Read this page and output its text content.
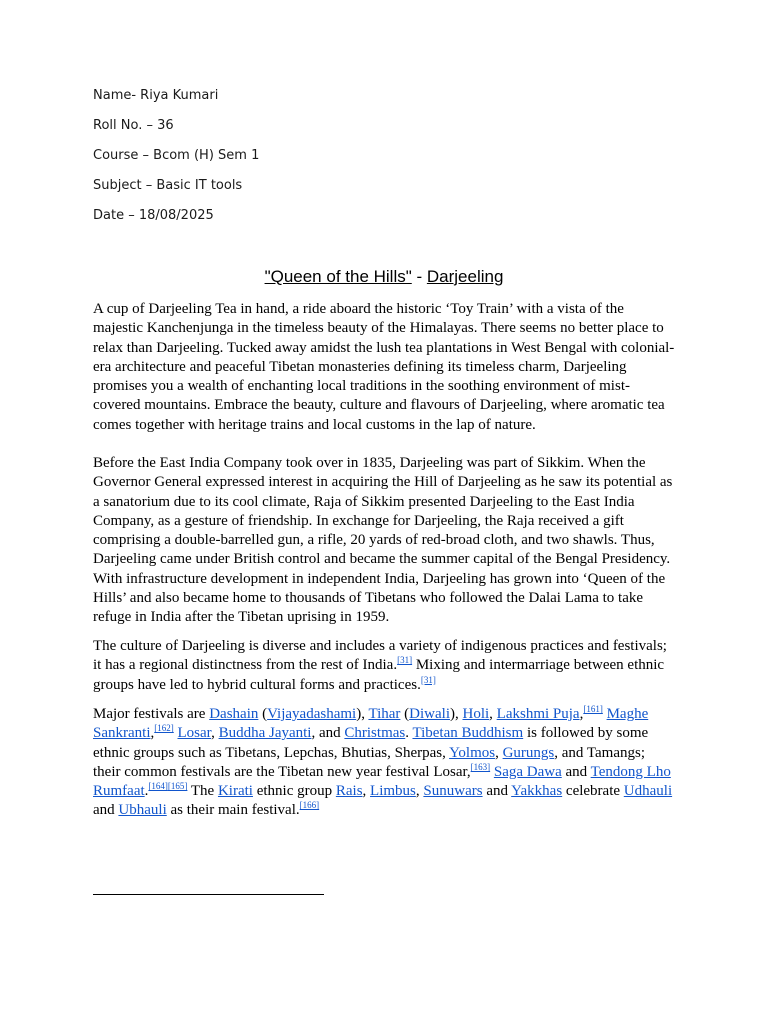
Name- Riya Kumari
Roll No. – 36
Course – Bcom (H) Sem 1
Subject – Basic IT tools
Date – 18/08/2025
"Queen of the Hills" - Darjeeling

A cup of Darjeeling Tea in hand, a ride aboard the historic ‘Toy Train’ with a vista of the majestic Kanchenjunga in the timeless beauty of the Himalayas. There seems no better place to relax than Darjeeling. Tucked away amidst the lush tea plantations in West Bengal with colonial-era architecture and peaceful Tibetan monasteries defining its timeless charm, Darjeeling promises you a wealth of enchanting local traditions in the soothing environment of mist-covered mountains. Embrace the beauty, culture and flavours of Darjeeling, where aromatic tea comes together with heritage trains and local customs in the lap of nature.

Before the East India Company took over in 1835, Darjeeling was part of Sikkim. When the Governor General expressed interest in acquiring the Hill of Darjeeling as he saw its potential as a sanatorium due to its cool climate, Raja of Sikkim presented Darjeeling to the East India Company, as a gesture of friendship. In exchange for Darjeeling, the Raja received a gift comprising a double-barrelled gun, a rifle, 20 yards of red-broad cloth, and two shawls. Thus, Darjeeling came under British control and became the summer capital of the Bengal Presidency. With infrastructure development in independent India, Darjeeling has grown into ‘Queen of the Hills’ and also became home to thousands of Tibetans who followed the Dalai Lama to take refuge in India after the Tibetan uprising in 1959.

The culture of Darjeeling is diverse and includes a variety of indigenous practices and festivals; it has a regional distinctness from the rest of India.[31] Mixing and intermarriage between ethnic groups have led to hybrid cultural forms and practices.[31]

Major festivals are Dashain (Vijayadashami), Tihar (Diwali), Holi, Lakshmi Puja,[161] Maghe Sankranti,[162] Losar, Buddha Jayanti, and Christmas. Tibetan Buddhism is followed by some ethnic groups such as Tibetans, Lepchas, Bhutias, Sherpas, Yolmos, Gurungs, and Tamangs; their common festivals are the Tibetan new year festival Losar,[163] Saga Dawa and Tendong Lho Rumfaat.[164][165] The Kirati ethnic group Rais, Limbus, Sunuwars and Yakkhas celebrate Udhauli and Ubhauli as their main festival.[166]
